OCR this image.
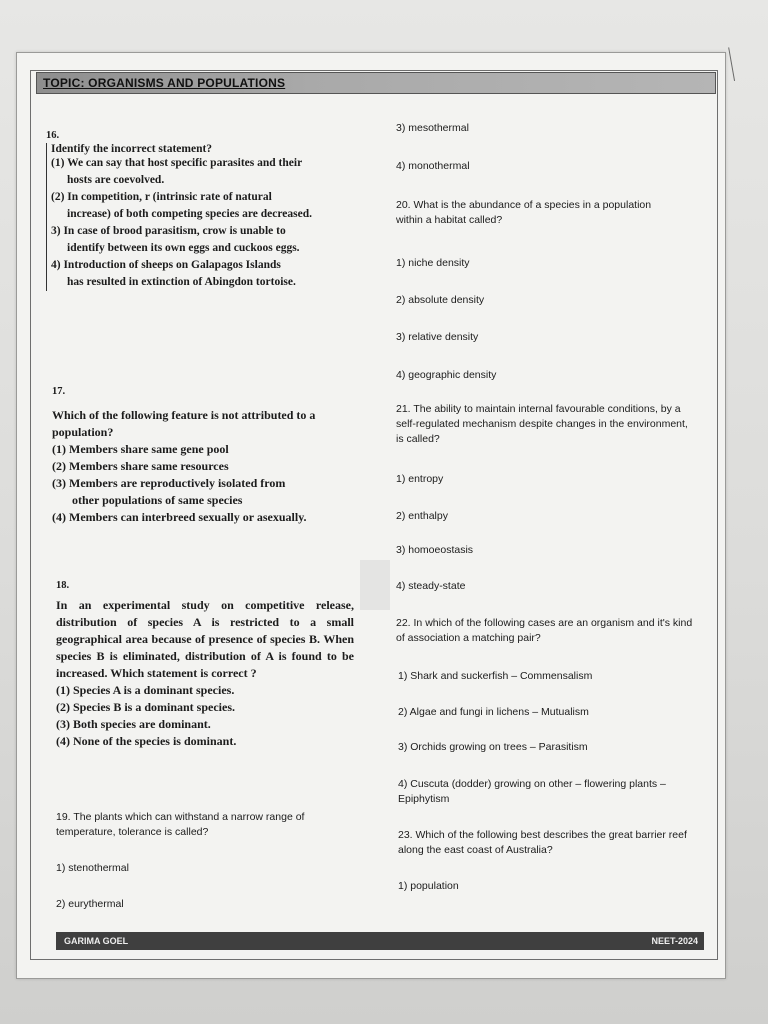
TOPIC: ORGANISMS AND POPULATIONS
16.
Identify the incorrect statement?
(1) We can say that host specific parasites and their
hosts are coevolved.
(2) In competition, r (intrinsic rate of natural
increase) of both competing species are decreased.
3) In case of brood parasitism, crow is unable to
identify between its own eggs and cuckoos eggs.
4) Introduction of sheeps on Galapagos Islands
has resulted in extinction of Abingdon tortoise.
17.
Which of the following feature is not attributed to a population?
(1) Members share same gene pool
(2) Members share same resources
(3) Members are reproductively isolated from
other populations of same species
(4) Members can interbreed sexually or asexually.
18.
In an experimental study on competitive release, distribution of species A is restricted to a small geographical area because of presence of species B. When species B is eliminated, distribution of A is found to be increased. Which statement is correct ?
(1) Species A is a dominant species.
(2) Species B is a dominant species.
(3) Both species are dominant.
(4) None of the species is dominant.
19. The plants which can withstand a narrow range of temperature, tolerance is called?
1) stenothermal
2) eurythermal
3) mesothermal
4) monothermal
20. What is the abundance of a species in a population within a habitat called?
1) niche density
2) absolute density
3) relative density
4) geographic density
21. The ability to maintain internal favourable conditions, by a self-regulated mechanism despite changes in the environment, is called?
1) entropy
2) enthalpy
3) homoeostasis
4) steady-state
22. In which of the following cases are an organism and it's kind of association a matching pair?
1) Shark and suckerfish – Commensalism
2) Algae and fungi in lichens – Mutualism
3) Orchids growing on trees – Parasitism
4) Cuscuta (dodder) growing on other – flowering plants – Epiphytism
23. Which of the following best describes the great barrier reef along the east coast of Australia?
1) population
GARIMA GOEL	NEET-2024
